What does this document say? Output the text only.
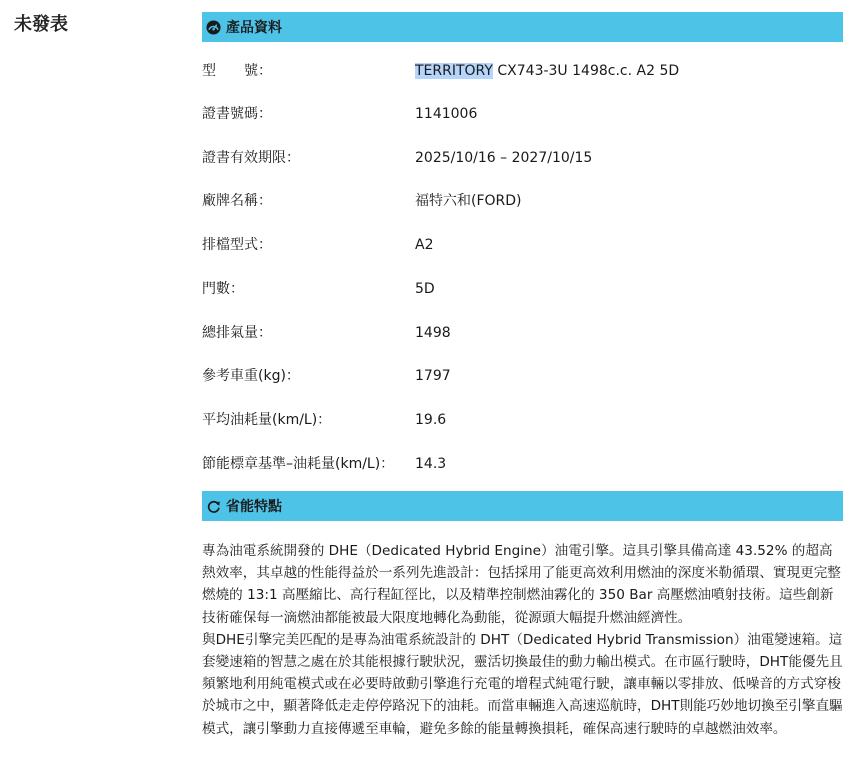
未發表	產品資料
型　　號：	TERRITORY CX743-3U 1498c.c. A2 5D
證書號碼：	1141006
證書有效期限：	2025/10/16 – 2027/10/15
廠牌名稱：	福特六和(FORD)
排檔型式：	A2
門數：	5D
總排氣量：	1498
參考車重(kg)：	1797
平均油耗量(km/L)：	19.6
節能標章基準–油耗量(km/L)： 14.3
省能特點

專為油電系統開發的 DHE（Dedicated Hybrid Engine）油電引擎。這具引擎具備高達 43.52% 的超高熱效率，其卓越的性能得益於一系列先進設計：包括採用了能更高效利用燃油的深度米勒循環、實現更完整燃燒的 13:1 高壓縮比、高行程缸徑比，以及精準控制燃油霧化的 350 Bar 高壓燃油噴射技術。這些創新技術確保每一滴燃油都能被最大限度地轉化為動能，從源頭大幅提升燃油經濟性。

與DHE引擎完美匹配的是專為油電系統設計的 DHT（Dedicated Hybrid Transmission）油電變速箱。這套變速箱的智慧之處在於其能根據行駛狀況，靈活切換最佳的動力輸出模式。在市區行駛時，DHT能優先且頻繁地利用純電模式或在必要時啟動引擎進行充電的增程式純電行駛，讓車輛以零排放、低噪音的方式穿梭於城市之中，顯著降低走走停停路況下的油耗。而當車輛進入高速巡航時，DHT則能巧妙地切換至引擎直驅模式，讓引擎動力直接傳遞至車輪，避免多餘的能量轉換損耗，確保高速行駛時的卓越燃油效率。
